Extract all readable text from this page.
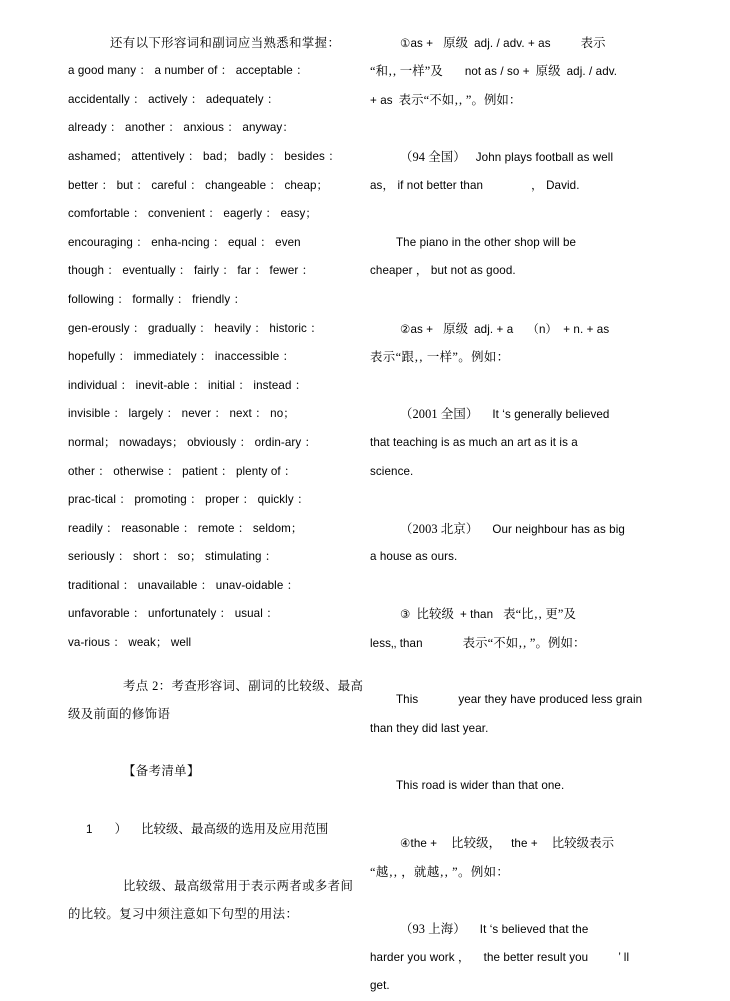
还有以下形容词和副词应当熟悉和掌握：
a good many ： a number of ： acceptable ：
accidentally ： actively ： adequately ：
already ： another ： anxious ： anyway：
ashamed； attentively ： bad； badly ： besides ：
better ： but ： careful ： changeable ： cheap；
comfortable ： convenient ： eagerly ： easy；
encouraging ： enha-ncing ： equal ： even
though ： eventually ： fairly ： far ： fewer ：
following ： formally ： friendly ：
gen-erously ： gradually ： heavily ： historic ：
hopefully ： immediately ： inaccessible ：
individual ： inevit-able ： initial ： instead ：
invisible ： largely ： never ： next ： no；
normal； nowadays； obviously ： ordin-ary ：
other ： otherwise ： patient ： plenty of ：
prac-tical ： promoting ： proper ： quickly ：
readily ： reasonable ： remote ： seldom；
seriously ： short ： so； stimulating ：
traditional ： unavailable ： unav-oidable ：
unfavorable ： unfortunately ： usual ：
va-rious ： weak； well
考点 2：考查形容词、副词的比较级、最高
级及前面的修饰语
【备考清单】
1 ） 比较级、最高级的选用及应用范围
比较级、最高级常用于表示两者或多者间
的比较。复习中须注意如下句型的用法：
①as + 原级 adj. / adv. + as 表示
“和‚‚ 一样”及 not as / so + 原级 adj. / adv.
+ as 表示“不如‚‚ ”。例如：
（94 全国） John plays football as well
as， if not better than	， David.
The piano in the other shop will be
cheaper ， but not as good.
②as + 原级 adj. + a （n） + n. + as
表示“跟‚‚ 一样”。例如：
（2001 全国） It ‘s generally believed
that teaching is as much an art as it is a
science.
（2003 北京） Our neighbour has as big
a house as ours.
③ 比较级 + than 表“比‚‚ 更”及
less‚‚ than	表示“不如‚‚ ”。例如：
This	year they have produced less grain
than they did last year.
This road is wider than that one.
④the + 比较级， the + 比较级表示
“越‚‚ ，就越‚‚ ”。例如：
（93 上海） It ‘s believed that the
harder you work ， the better result you	’ ll
get.
